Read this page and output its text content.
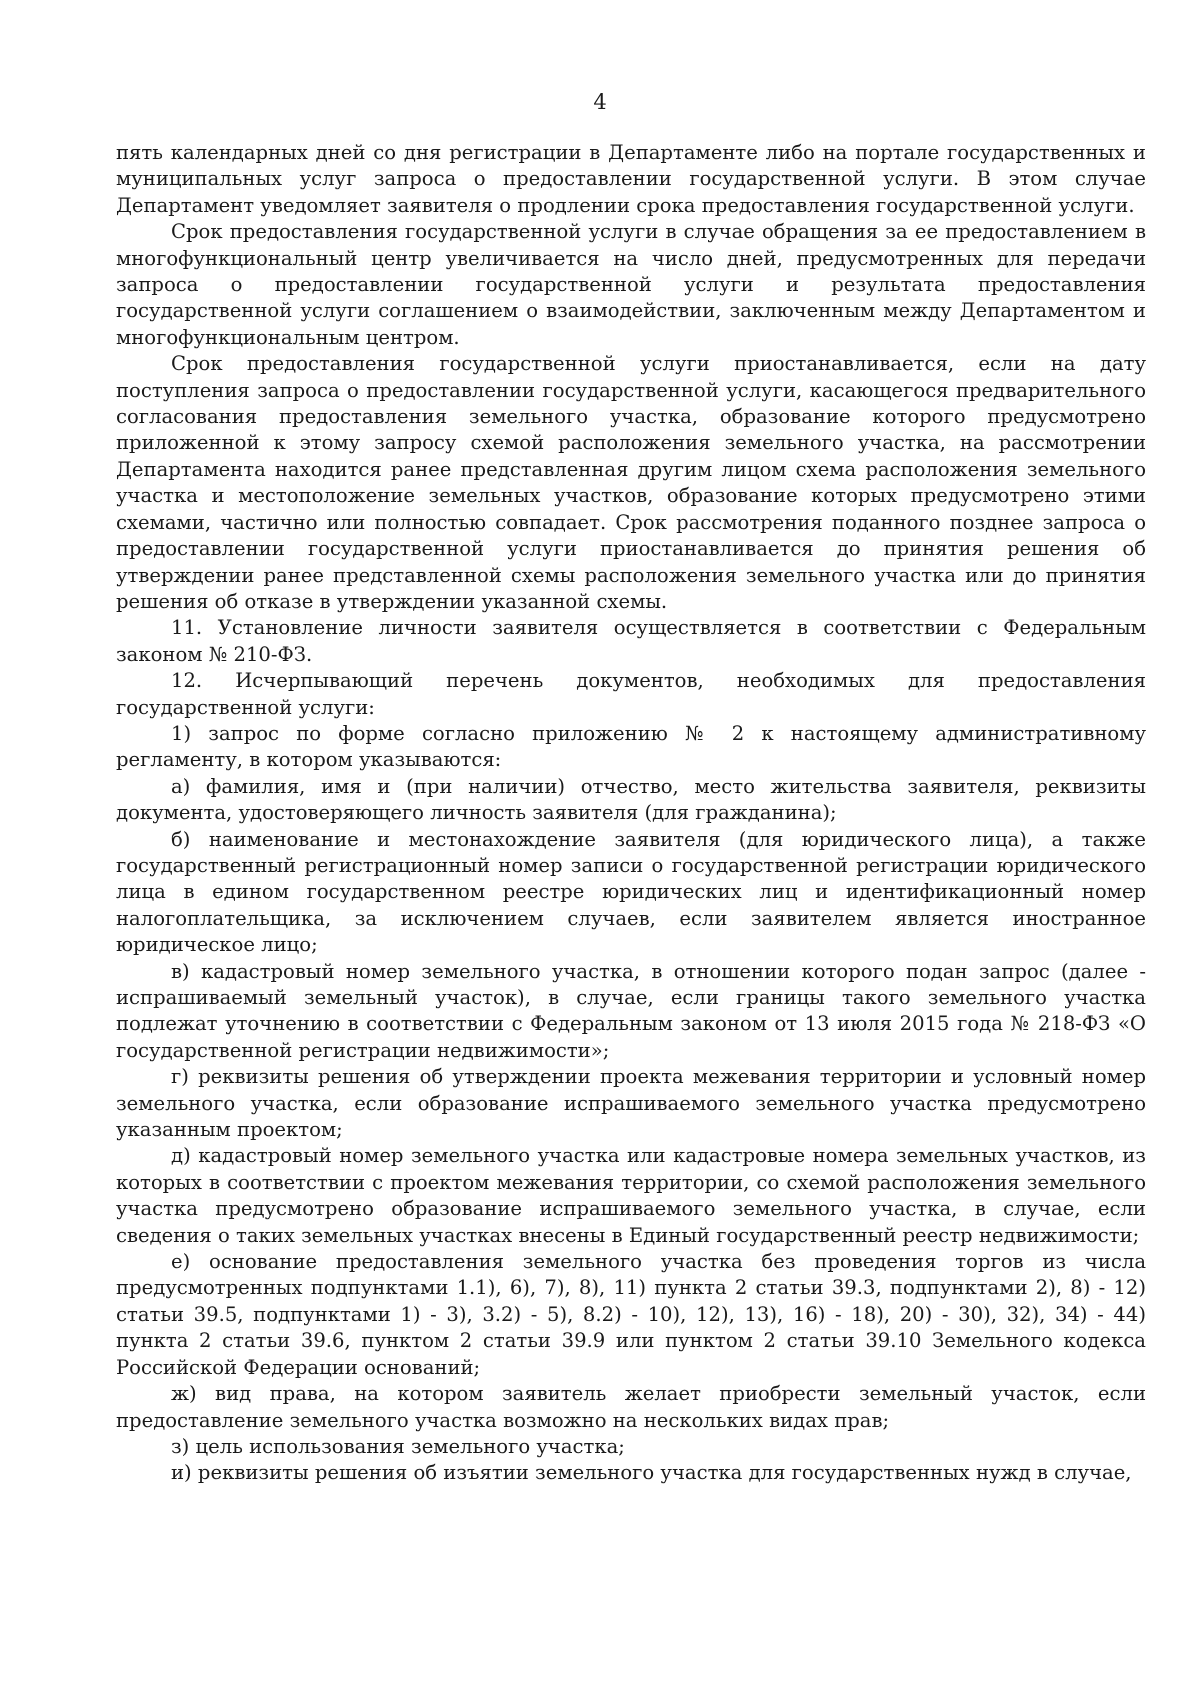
4

пять календарных дней со дня регистрации в Департаменте либо на портале государственных и муниципальных услуг запроса о предоставлении государственной услуги. В этом случае Департамент уведомляет заявителя о продлении срока предоставления государственной услуги.

Срок предоставления государственной услуги в случае обращения за ее предоставлением в многофункциональный центр увеличивается на число дней, предусмотренных для передачи запроса о предоставлении государственной услуги и результата предоставления государственной услуги соглашением о взаимодействии, заключенным между Департаментом и многофункциональным центром.

Срок предоставления государственной услуги приостанавливается, если на дату поступления запроса о предоставлении государственной услуги, касающегося предварительного согласования предоставления земельного участка, образование которого предусмотрено приложенной к этому запросу схемой расположения земельного участка, на рассмотрении Департамента находится ранее представленная другим лицом схема расположения земельного участка и местоположение земельных участков, образование которых предусмотрено этими схемами, частично или полностью совпадает. Срок рассмотрения поданного позднее запроса о предоставлении государственной услуги приостанавливается до принятия решения об утверждении ранее представленной схемы расположения земельного участка или до принятия решения об отказе в утверждении указанной схемы.

11. Установление личности заявителя осуществляется в соответствии с Федеральным законом № 210-ФЗ.

12. Исчерпывающий перечень документов, необходимых для предоставления государственной услуги:

1) запрос по форме согласно приложению № 2 к настоящему административному регламенту, в котором указываются:

а) фамилия, имя и (при наличии) отчество, место жительства заявителя, реквизиты документа, удостоверяющего личность заявителя (для гражданина);

б) наименование и местонахождение заявителя (для юридического лица), а также государственный регистрационный номер записи о государственной регистрации юридического лица в едином государственном реестре юридических лиц и идентификационный номер налогоплательщика, за исключением случаев, если заявителем является иностранное юридическое лицо;

в) кадастровый номер земельного участка, в отношении которого подан запрос (далее - испрашиваемый земельный участок), в случае, если границы такого земельного участка подлежат уточнению в соответствии с Федеральным законом от 13 июля 2015 года № 218-ФЗ «О государственной регистрации недвижимости»;

г) реквизиты решения об утверждении проекта межевания территории и условный номер земельного участка, если образование испрашиваемого земельного участка предусмотрено указанным проектом;

д) кадастровый номер земельного участка или кадастровые номера земельных участков, из которых в соответствии с проектом межевания территории, со схемой расположения земельного участка предусмотрено образование испрашиваемого земельного участка, в случае, если сведения о таких земельных участках внесены в Единый государственный реестр недвижимости;

е) основание предоставления земельного участка без проведения торгов из числа предусмотренных подпунктами 1.1), 6), 7), 8), 11) пункта 2 статьи 39.3, подпунктами 2), 8) - 12) статьи 39.5, подпунктами 1) - 3), 3.2) - 5), 8.2) - 10), 12), 13), 16) - 18), 20) - 30), 32), 34) - 44) пункта 2 статьи 39.6, пунктом 2 статьи 39.9 или пунктом 2 статьи 39.10 Земельного кодекса Российской Федерации оснований;

ж) вид права, на котором заявитель желает приобрести земельный участок, если предоставление земельного участка возможно на нескольких видах прав;

з) цель использования земельного участка;

и) реквизиты решения об изъятии земельного участка для государственных нужд в случае,
